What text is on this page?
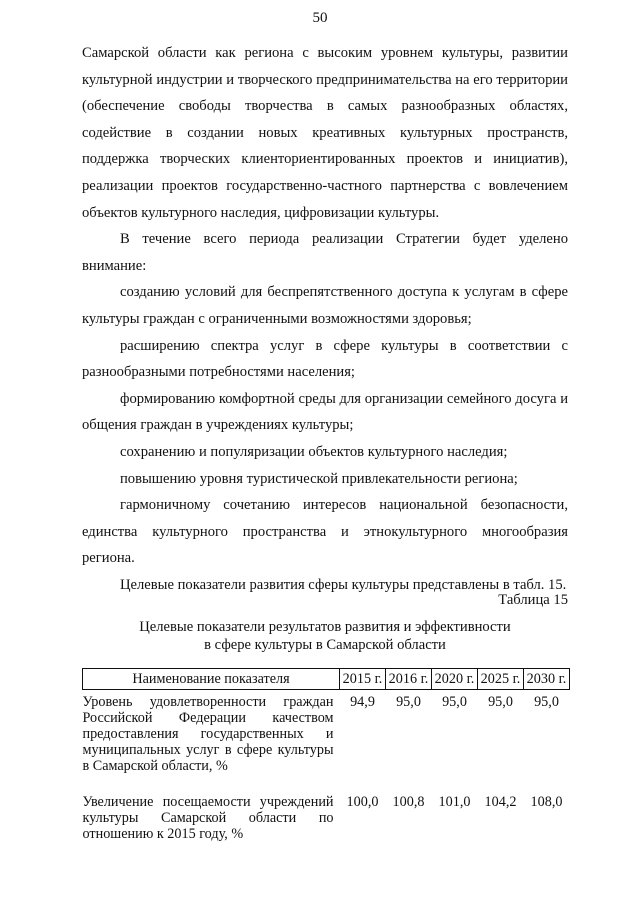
50

Самарской области как региона с высоким уровнем культуры, развитии культурной индустрии и творческого предпринимательства на его территории (обеспечение свободы творчества в самых разнообразных областях, содействие в создании новых креативных культурных пространств, поддержка творческих клиенториентированных проектов и инициатив), реализации проектов государственно-частного партнерства с вовлечением объектов культурного наследия, цифровизации культуры.

В течение всего периода реализации Стратегии будет уделено внимание:

созданию условий для беспрепятственного доступа к услугам в сфере культуры граждан с ограниченными возможностями здоровья;

расширению спектра услуг в сфере культуры в соответствии с разнообразными потребностями населения;

формированию комфортной среды для организации семейного досуга и общения граждан в учреждениях культуры;

сохранению и популяризации объектов культурного наследия;

повышению уровня туристической привлекательности региона;

гармоничному сочетанию интересов национальной безопасности, единства культурного пространства и этнокультурного многообразия региона.

Целевые показатели развития сферы культуры представлены в табл. 15.

Таблица 15
Целевые показатели результатов развития и эффективности
в сфере культуры в Самарской области
Наименование показателя	2015 г.	2016 г.	2020 г.	2025 г.	2030 г.
Уровень удовлетворенности граждан Российской Федерации качеством предоставления государственных и муниципальных услуг в сфере культуры в Самарской области, %	94,9	95,0	95,0	95,0	95,0
Увеличение посещаемости учреждений культуры Самарской области по отношению к 2015 году, %	100,0	100,8	101,0	104,2	108,0
